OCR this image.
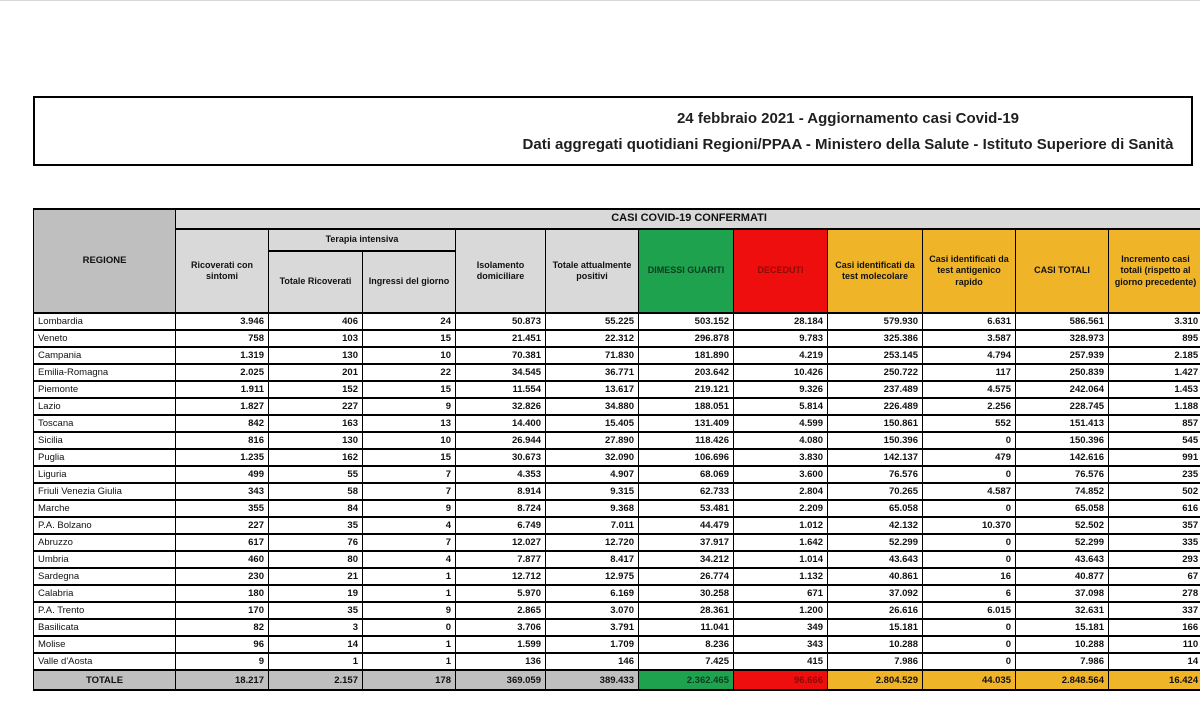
24 febbraio 2021 - Aggiornamento casi Covid-19
Dati aggregati quotidiani Regioni/PPAA - Ministero della Salute - Istituto Superiore di Sanità
REGIONE	CASI COVID-19 CONFERMATI										
	Ricoverati con sintomi	Terapia intensiva		Isolamento domiciliare	Totale attualmente positivi	DIMESSI GUARITI	DECEDUTI	Casi identificati da test molecolare	Casi identificati da test antigenico rapido	CASI TOTALI	Incremento casi totali (rispetto al giorno precedente)
		Totale Ricoverati	Ingressi del giorno								
Lombardia	3.946	406	24	50.873	55.225	503.152	28.184	579.930	6.631	586.561	3.310
Veneto	758	103	15	21.451	22.312	296.878	9.783	325.386	3.587	328.973	895
Campania	1.319	130	10	70.381	71.830	181.890	4.219	253.145	4.794	257.939	2.185
Emilia-Romagna	2.025	201	22	34.545	36.771	203.642	10.426	250.722	117	250.839	1.427
Piemonte	1.911	152	15	11.554	13.617	219.121	9.326	237.489	4.575	242.064	1.453
Lazio	1.827	227	9	32.826	34.880	188.051	5.814	226.489	2.256	228.745	1.188
Toscana	842	163	13	14.400	15.405	131.409	4.599	150.861	552	151.413	857
Sicilia	816	130	10	26.944	27.890	118.426	4.080	150.396	0	150.396	545
Puglia	1.235	162	15	30.673	32.090	106.696	3.830	142.137	479	142.616	991
Liguria	499	55	7	4.353	4.907	68.069	3.600	76.576	0	76.576	235
Friuli Venezia Giulia	343	58	7	8.914	9.315	62.733	2.804	70.265	4.587	74.852	502
Marche	355	84	9	8.724	9.368	53.481	2.209	65.058	0	65.058	616
P.A. Bolzano	227	35	4	6.749	7.011	44.479	1.012	42.132	10.370	52.502	357
Abruzzo	617	76	7	12.027	12.720	37.917	1.642	52.299	0	52.299	335
Umbria	460	80	4	7.877	8.417	34.212	1.014	43.643	0	43.643	293
Sardegna	230	21	1	12.712	12.975	26.774	1.132	40.861	16	40.877	67
Calabria	180	19	1	5.970	6.169	30.258	671	37.092	6	37.098	278
P.A. Trento	170	35	9	2.865	3.070	28.361	1.200	26.616	6.015	32.631	337
Basilicata	82	3	0	3.706	3.791	11.041	349	15.181	0	15.181	166
Molise	96	14	1	1.599	1.709	8.236	343	10.288	0	10.288	110
Valle d'Aosta	9	1	1	136	146	7.425	415	7.986	0	7.986	14
TOTALE	18.217	2.157	178	369.059	389.433	2.362.465	96.666	2.804.529	44.035	2.848.564	16.424
